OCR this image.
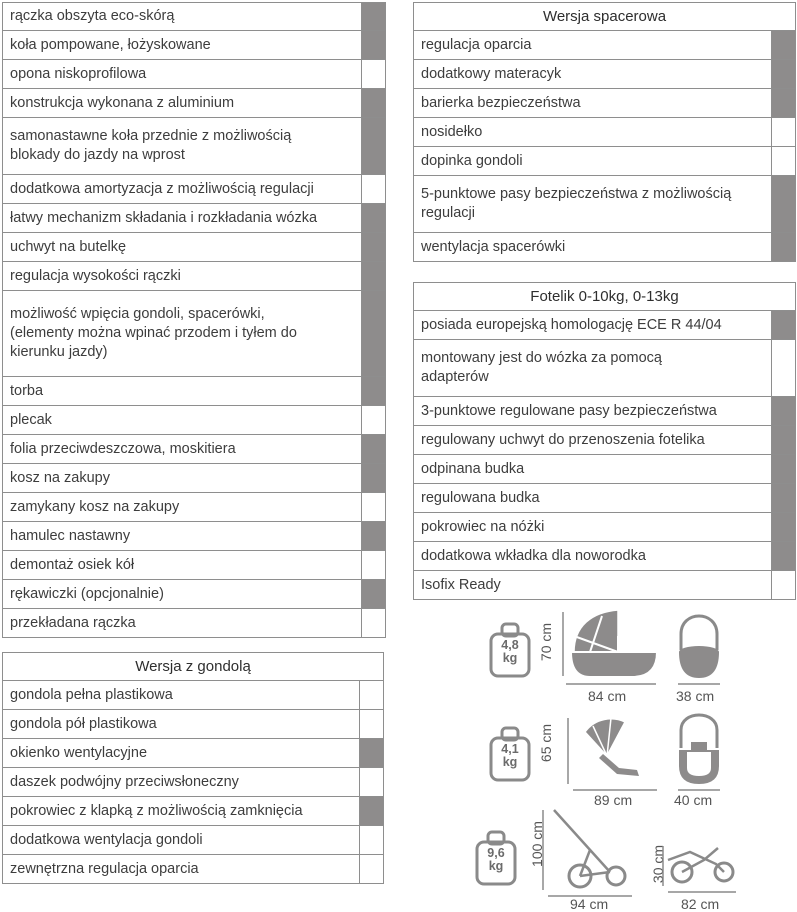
rączka obszyta eco-skórą
koła pompowane, łożyskowane
opona niskoprofilowa
konstrukcja wykonana z aluminium
samonastawne koła przednie z możliwością
blokady do jazdy na wprost
dodatkowa amortyzacja z możliwością regulacji
łatwy mechanizm składania i rozkładania wózka
uchwyt na butelkę
regulacja wysokości rączki
możliwość wpięcia gondoli, spacerówki,
(elementy można wpinać przodem i tyłem do
kierunku jazdy)
torba
plecak
folia przeciwdeszczowa, moskitiera
kosz na zakupy
zamykany kosz na zakupy
hamulec nastawny
demontaż osiek kół
rękawiczki (opcjonalnie)
przekładana rączka
Wersja z gondolą
gondola pełna plastikowa
gondola pół plastikowa
okienko wentylacyjne
daszek podwójny przeciwsłoneczny
pokrowiec z klapką z możliwością zamknięcia
dodatkowa wentylacja gondoli
zewnętrzna regulacja oparcia
Wersja spacerowa
regulacja oparcia
dodatkowy materacyk
barierka bezpieczeństwa
nosidełko
dopinka gondoli
5-punktowe pasy bezpieczeństwa z możliwością
regulacji
wentylacja spacerówki
Fotelik 0-10kg, 0-13kg
posiada europejską homologację ECE R 44/04
montowany jest do wózka za pomocą
adapterów
3-punktowe regulowane pasy bezpieczeństwa
regulowany uchwyt do przenoszenia fotelika
odpinana budka
regulowana budka
pokrowiec na nóżki
dodatkowa wkładka dla noworodka
Isofix Ready
4,8
kg	70 cm
84 cm	38 cm
4,1
kg	65 cm
89 cm	40 cm
9,6
kg	100 cm
94 cm
30 cm
82 cm
